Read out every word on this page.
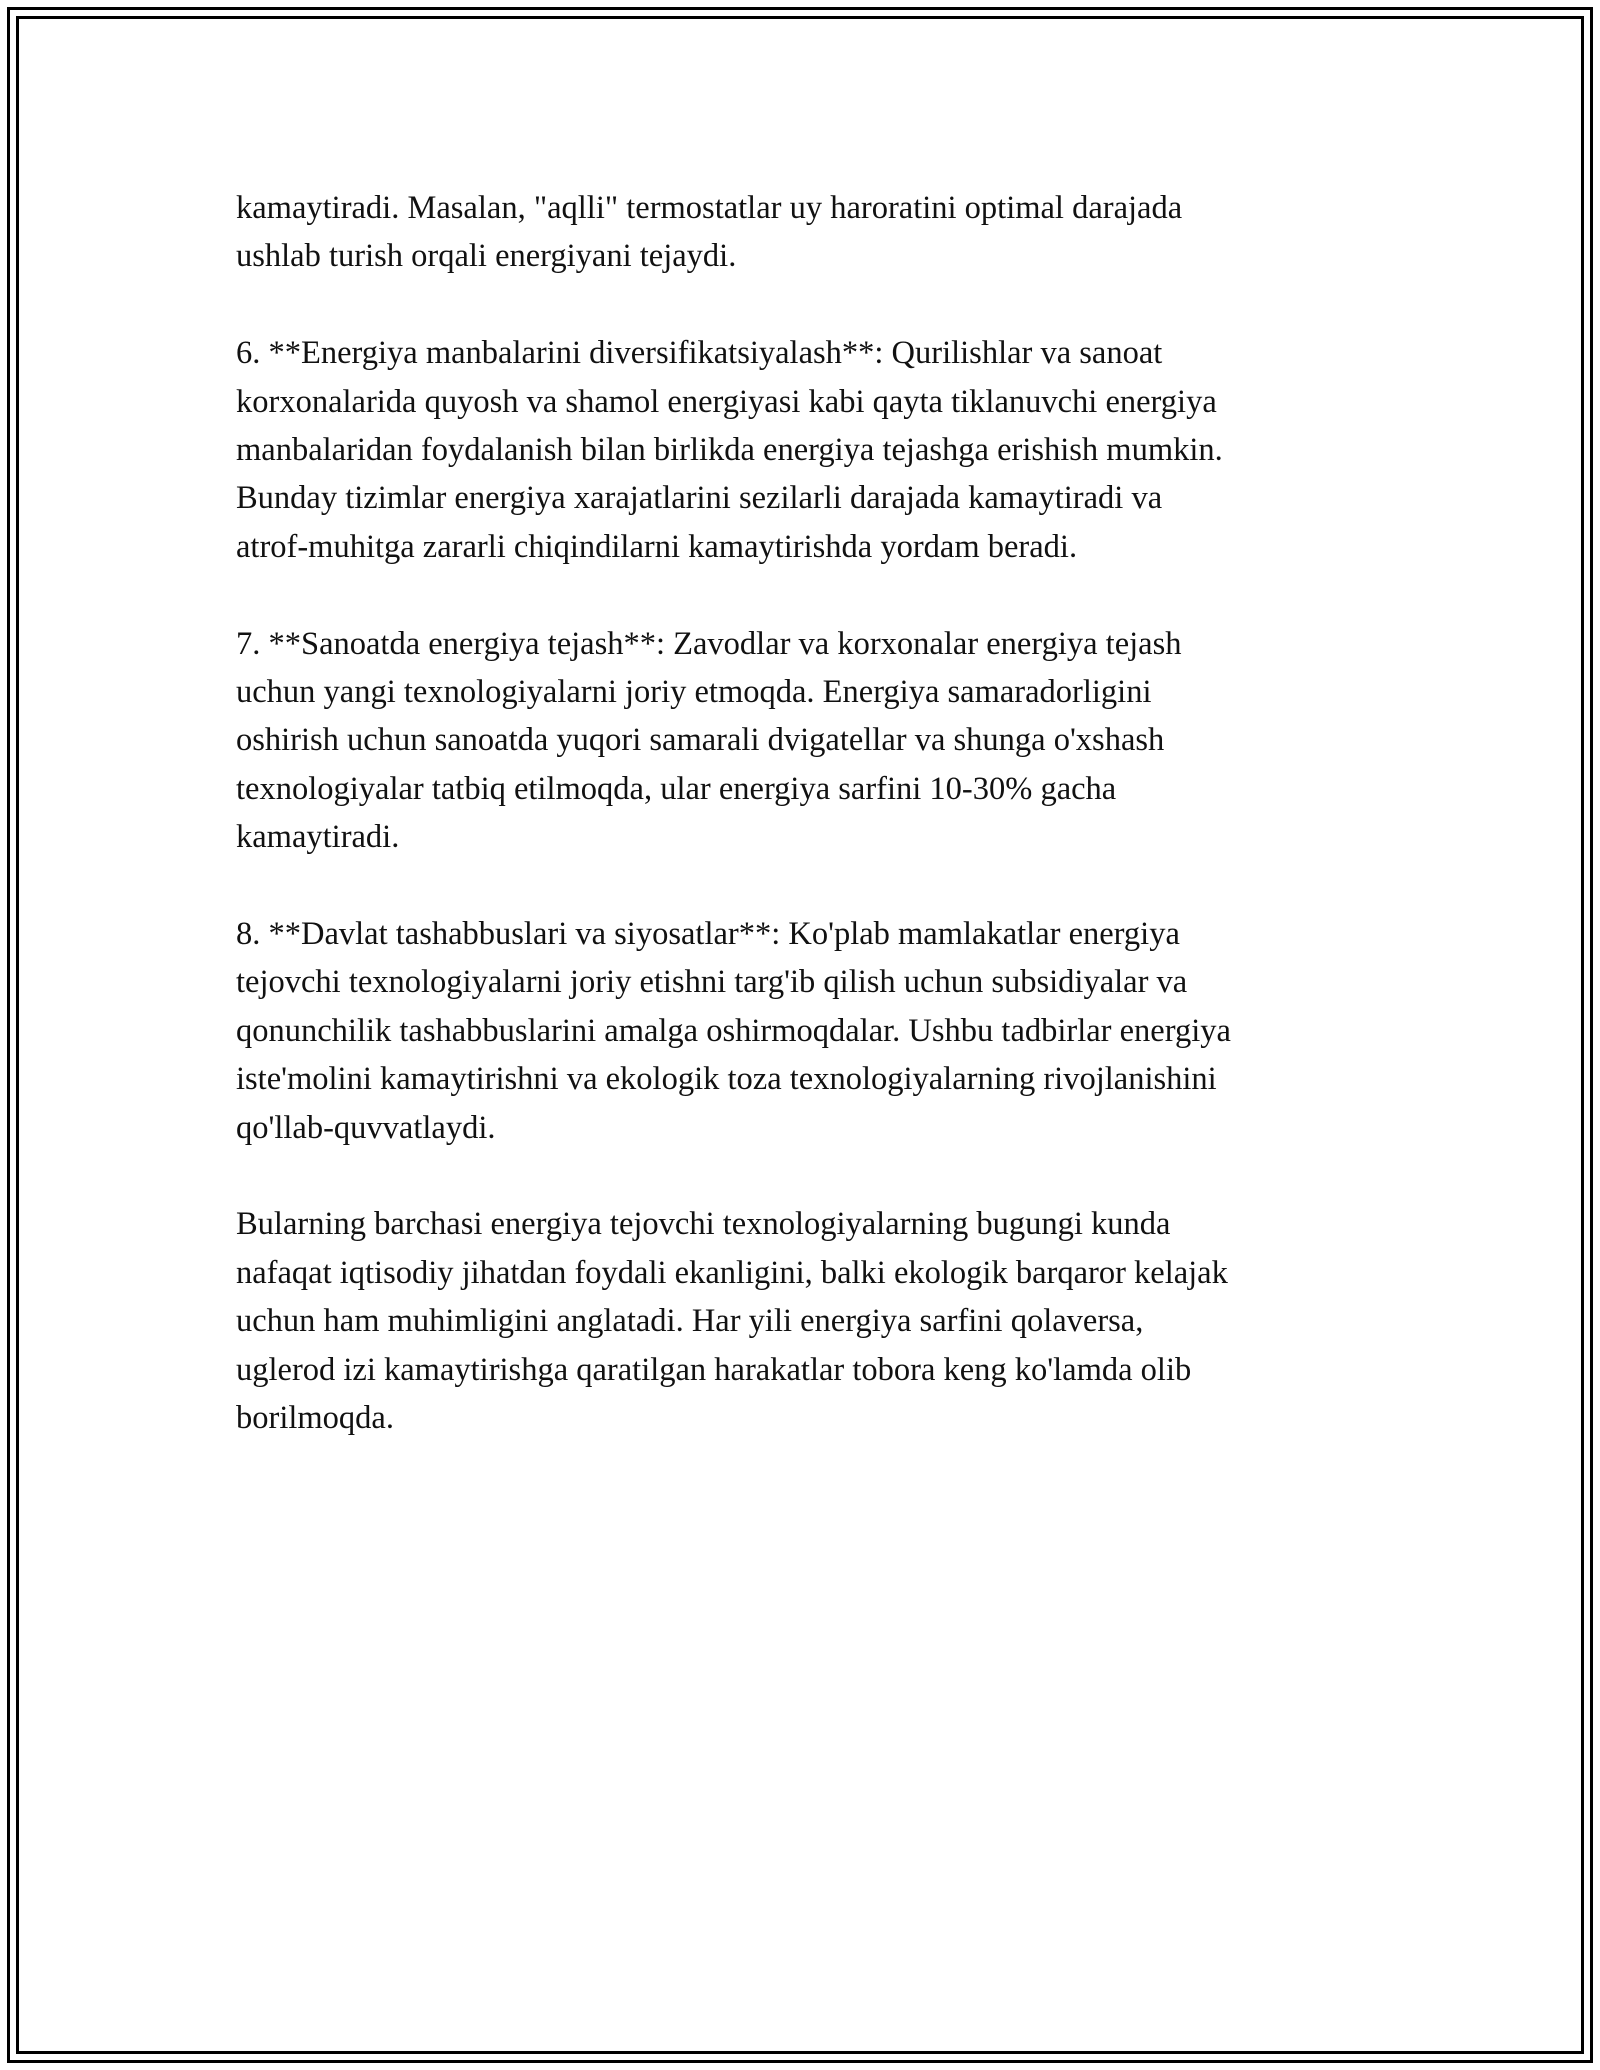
kamaytiradi. Masalan, "aqlli" termostatlar uy haroratini optimal darajada
ushlab turish orqali energiyani tejaydi.

6. **Energiya manbalarini diversifikatsiyalash**: Qurilishlar va sanoat
korxonalarida quyosh va shamol energiyasi kabi qayta tiklanuvchi energiya
manbalaridan foydalanish bilan birlikda energiya tejashga erishish mumkin.
Bunday tizimlar energiya xarajatlarini sezilarli darajada kamaytiradi va
atrof-muhitga zararli chiqindilarni kamaytirishda yordam beradi.

7. **Sanoatda energiya tejash**: Zavodlar va korxonalar energiya tejash
uchun yangi texnologiyalarni joriy etmoqda. Energiya samaradorligini
oshirish uchun sanoatda yuqori samarali dvigatellar va shunga o'xshash
texnologiyalar tatbiq etilmoqda, ular energiya sarfini 10-30% gacha
kamaytiradi.

8. **Davlat tashabbuslari va siyosatlar**: Ko'plab mamlakatlar energiya
tejovchi texnologiyalarni joriy etishni targ'ib qilish uchun subsidiyalar va
qonunchilik tashabbuslarini amalga oshirmoqdalar. Ushbu tadbirlar energiya
iste'molini kamaytirishni va ekologik toza texnologiyalarning rivojlanishini
qo'llab-quvvatlaydi.

Bularning barchasi energiya tejovchi texnologiyalarning bugungi kunda
nafaqat iqtisodiy jihatdan foydali ekanligini, balki ekologik barqaror kelajak
uchun ham muhimligini anglatadi. Har yili energiya sarfini qolaversa,
uglerod izi kamaytirishga qaratilgan harakatlar tobora keng ko'lamda olib
borilmoqda.
